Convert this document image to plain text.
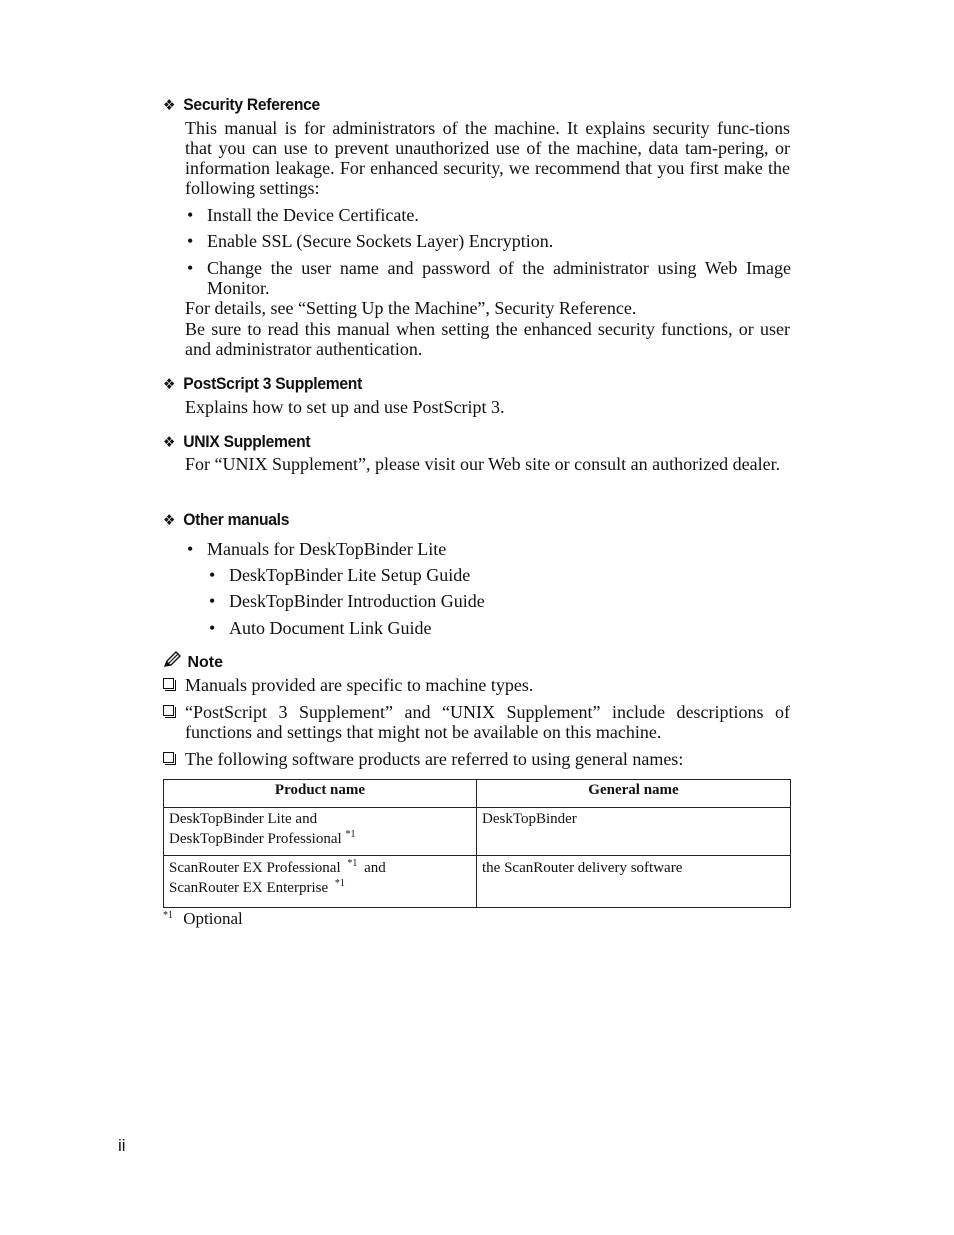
❖ Security Reference
This manual is for administrators of the machine. It explains security func-tions that you can use to prevent unauthorized use of the machine, data tam-pering, or information leakage. For enhanced security, we recommend that you first make the following settings:
• Install the Device Certificate.
• Enable SSL (Secure Sockets Layer) Encryption.
• Change the user name and password of the administrator using Web Image Monitor.
For details, see “Setting Up the Machine”, Security Reference.
Be sure to read this manual when setting the enhanced security functions, or user and administrator authentication.
❖ PostScript 3 Supplement
Explains how to set up and use PostScript 3.
❖ UNIX Supplement
For “UNIX Supplement”, please visit our Web site or consult an authorized dealer.
❖ Other manuals
• Manuals for DeskTopBinder Lite
• DeskTopBinder Lite Setup Guide
• DeskTopBinder Introduction Guide
• Auto Document Link Guide
Note
Manuals provided are specific to machine types.
“PostScript 3 Supplement” and “UNIX Supplement” include descriptions of functions and settings that might not be available on this machine.
The following software products are referred to using general names:
Product name	General name
DeskTopBinder Lite and
DeskTopBinder Professional $^{*1}$	DeskTopBinder
ScanRouter EX Professional $^{*1}$ and
ScanRouter EX Enterprise $^{*1}$	the ScanRouter delivery software
$^{*1}$ Optional
ii
